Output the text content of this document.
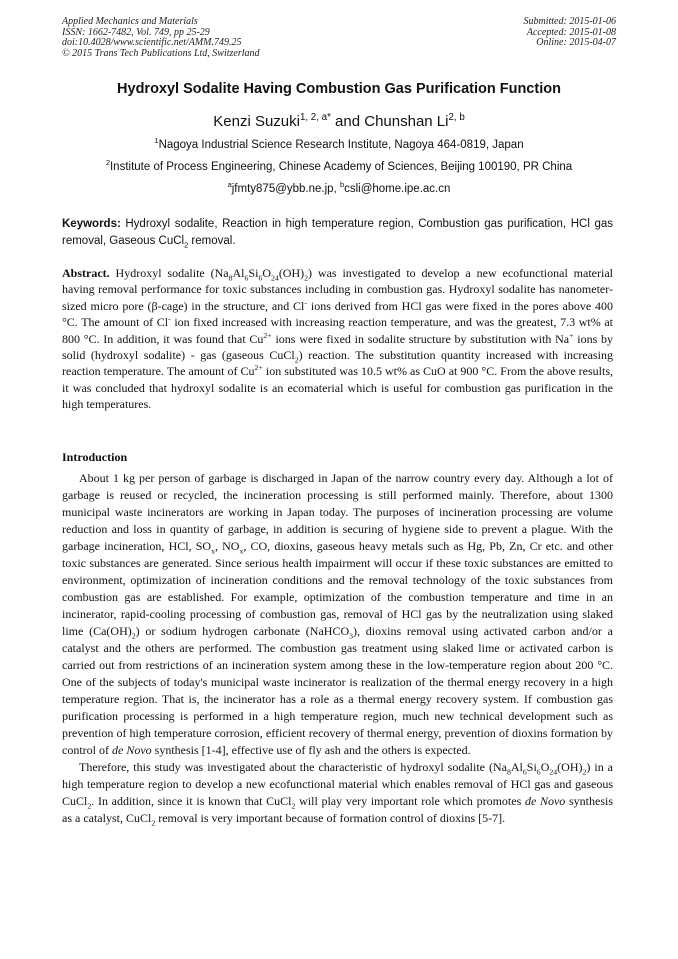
Applied Mechanics and Materials
ISSN: 1662-7482, Vol. 749, pp 25-29
doi:10.4028/www.scientific.net/AMM.749.25
© 2015 Trans Tech Publications Ltd, Switzerland
Submitted: 2015-01-06
Accepted: 2015-01-08
Online: 2015-04-07
Hydroxyl Sodalite Having Combustion Gas Purification Function
Kenzi Suzuki$^{1, 2, a*}$ and Chunshan Li$^{2, b}$
$^1$Nagoya Industrial Science Research Institute, Nagoya 464-0819, Japan
$^2$Institute of Process Engineering, Chinese Academy of Sciences, Beijing 100190, PR China
$^a$jfmty875@ybb.ne.jp, $^b$csli@home.ipe.ac.cn
Keywords: Hydroxyl sodalite, Reaction in high temperature region, Combustion gas purification, HCl gas removal, Gaseous CuCl$_2$ removal.
Abstract. Hydroxyl sodalite $(Na_8Al_6Si_6O_{24}(OH)_2)$ was investigated to develop a new ecofunctional material having removal performance for toxic substances including in combustion gas. Hydroxyl sodalite has nanometer-sized micro pore (β-cage) in the structure, and Cl- ions derived from HCl gas were fixed in the pores above 400 °C. The amount of Cl- ion fixed increased with increasing reaction temperature, and was the greatest, 7.3 wt% at 800 °C. In addition, it was found that $Cu^{2+}$ ions were fixed in sodalite structure by substitution with Na+ ions by solid (hydroxyl sodalite) - gas (gaseous CuCl$_2$) reaction. The substitution quantity increased with increasing reaction temperature. The amount of $Cu^{2+}$ ion substituted was 10.5 wt% as CuO at 900 °C. From the above results, it was concluded that hydroxyl sodalite is an ecomaterial which is useful for combustion gas purification in the high temperatures.
Introduction

About 1 kg per person of garbage is discharged in Japan of the narrow country every day. Although a lot of garbage is reused or recycled, the incineration processing is still performed mainly. Therefore, about 1300 municipal waste incinerators are working in Japan today. The purposes of incineration processing are volume reduction and loss in quantity of garbage, in addition is securing of hygiene side to prevent a plague. With the garbage incineration, HCl, $SO_x$, $NO_x$, CO, dioxins, gaseous heavy metals such as Hg, Pb, Zn, Cr etc. and other toxic substances are generated. Since serious health impairment will occur if these toxic substances are emitted to environment, optimization of incineration conditions and the removal technology of the toxic substances from combustion gas are established. For example, optimization of the combustion temperature and time in an incinerator, rapid-cooling processing of combustion gas, removal of HCl gas by the neutralization using slaked lime $(Ca(OH)_2)$ or sodium hydrogen carbonate (NaHCO$_3$), dioxins removal using activated carbon and/or a catalyst and the others are performed. The combustion gas treatment using slaked lime or activated carbon is carried out from restrictions of an incineration system among these in the low-temperature region about 200 °C. One of the subjects of today's municipal waste incinerator is realization of the thermal energy recovery in a high temperature region. That is, the incinerator has a role as a thermal energy recovery system. If combustion gas purification processing is performed in a high temperature region, much new technical development such as prevention of high temperature corrosion, efficient recovery of thermal energy, prevention of dioxins formation by control of de Novo synthesis [1-4], effective use of fly ash and the others is expected.

Therefore, this study was investigated about the characteristic of hydroxyl sodalite $(Na_8Al_6Si_6O_{24}(OH)_2)$ in a high temperature region to develop a new ecofunctional material which enables removal of HCl gas and gaseous CuCl$_2$. In addition, since it is known that CuCl$_2$ will play very important role which promotes de Novo synthesis as a catalyst, CuCl$_2$ removal is very important because of formation control of dioxins [5-7].
